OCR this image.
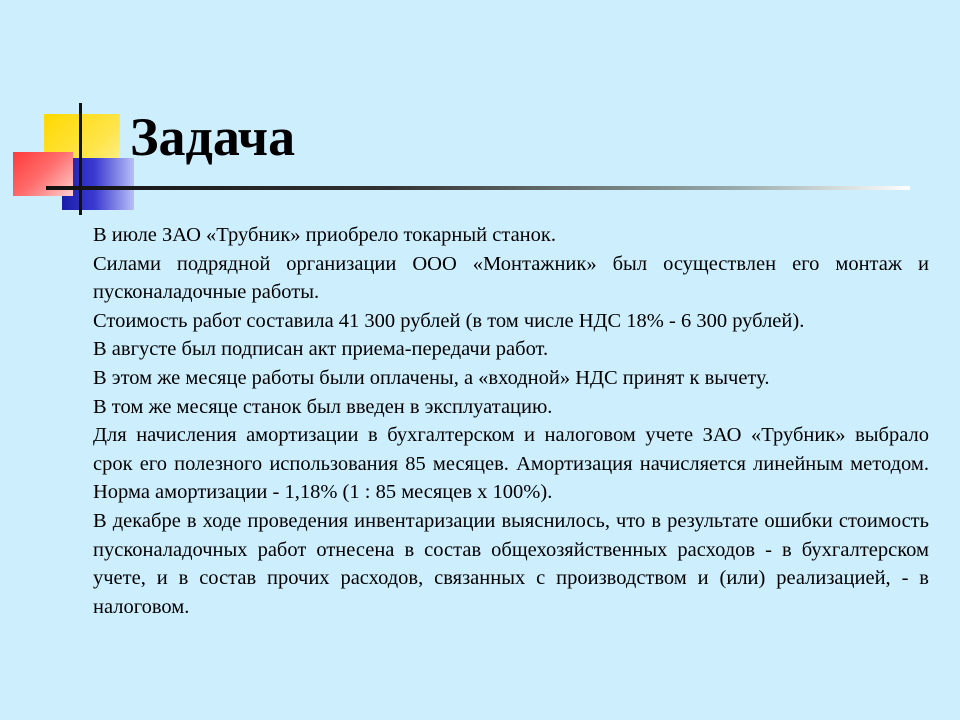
Задача

В июле ЗАО «Трубник» приобрело токарный станок.

Силами подрядной организации ООО «Монтажник» был осуществлен его монтаж и пусконаладочные работы.

Стоимость работ составила 41 300 рублей (в том числе НДС 18% - 6 300 рублей).

В августе был подписан акт приема-передачи работ.

В этом же месяце работы были оплачены, а «входной» НДС принят к вычету.

В том же месяце станок был введен в эксплуатацию.

Для начисления амортизации в бухгалтерском и налоговом учете ЗАО «Трубник» выбрало срок его полезного использования 85 месяцев. Амортизация начисляется линейным методом. Норма амортизации - 1,18% (1 : 85 месяцев х 100%).

В декабре в ходе проведения инвентаризации выяснилось, что в результате ошибки стоимость пусконаладочных работ отнесена в состав общехозяйственных расходов - в бухгалтерском учете, и в состав прочих расходов, связанных с производством и (или) реализацией, - в налоговом.
